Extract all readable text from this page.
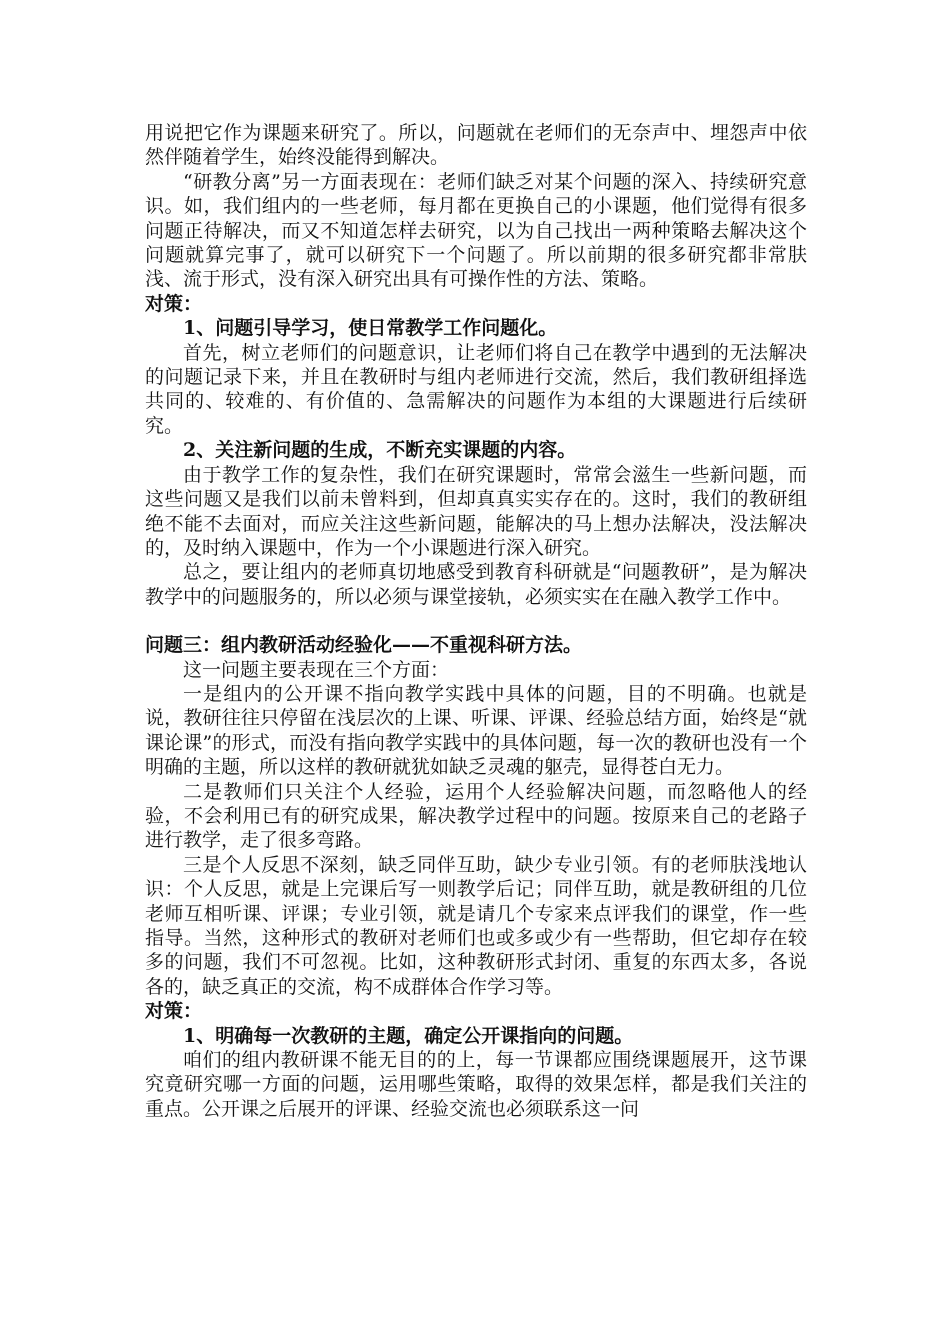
用说把它作为课题来研究了。所以，问题就在老师们的无奈声中、埋怨声中依然伴随着学生，始终没能得到解决。

“研教分离”另一方面表现在：老师们缺乏对某个问题的深入、持续研究意识。如，我们组内的一些老师，每月都在更换自己的小课题，他们觉得有很多问题正待解决，而又不知道怎样去研究，以为自己找出一两种策略去解决这个问题就算完事了，就可以研究下一个问题了。所以前期的很多研究都非常肤浅、流于形式，没有深入研究出具有可操作性的方法、策略。

对策：

1、问题引导学习，使日常教学工作问题化。

首先，树立老师们的问题意识，让老师们将自己在教学中遇到的无法解决的问题记录下来，并且在教研时与组内老师进行交流，然后，我们教研组择选共同的、较难的、有价值的、急需解决的问题作为本组的大课题进行后续研究。

2、关注新问题的生成，不断充实课题的内容。

由于教学工作的复杂性，我们在研究课题时，常常会滋生一些新问题，而这些问题又是我们以前未曾料到，但却真真实实存在的。这时，我们的教研组绝不能不去面对，而应关注这些新问题，能解决的马上想办法解决，没法解决的，及时纳入课题中，作为一个小课题进行深入研究。

总之，要让组内的老师真切地感受到教育科研就是“问题教研”，是为解决教学中的问题服务的，所以必须与课堂接轨，必须实实在在融入教学工作中。

问题三：组内教研活动经验化——不重视科研方法。

这一问题主要表现在三个方面：

一是组内的公开课不指向教学实践中具体的问题，目的不明确。也就是说，教研往往只停留在浅层次的上课、听课、评课、经验总结方面，始终是“就课论课”的形式，而没有指向教学实践中的具体问题，每一次的教研也没有一个明确的主题，所以这样的教研就犹如缺乏灵魂的躯壳，显得苍白无力。

二是教师们只关注个人经验，运用个人经验解决问题，而忽略他人的经验，不会利用已有的研究成果，解决教学过程中的问题。按原来自己的老路子进行教学，走了很多弯路。

三是个人反思不深刻，缺乏同伴互助，缺少专业引领。有的老师肤浅地认识：个人反思，就是上完课后写一则教学后记；同伴互助，就是教研组的几位老师互相听课、评课；专业引领，就是请几个专家来点评我们的课堂，作一些指导。当然，这种形式的教研对老师们也或多或少有一些帮助，但它却存在较多的问题，我们不可忽视。比如，这种教研形式封闭、重复的东西太多，各说各的，缺乏真正的交流，构不成群体合作学习等。

对策：

1、明确每一次教研的主题，确定公开课指向的问题。

咱们的组内教研课不能无目的的上，每一节课都应围绕课题展开，这节课究竟研究哪一方面的问题，运用哪些策略，取得的效果怎样，都是我们关注的重点。公开课之后展开的评课、经验交流也必须联系这一问
